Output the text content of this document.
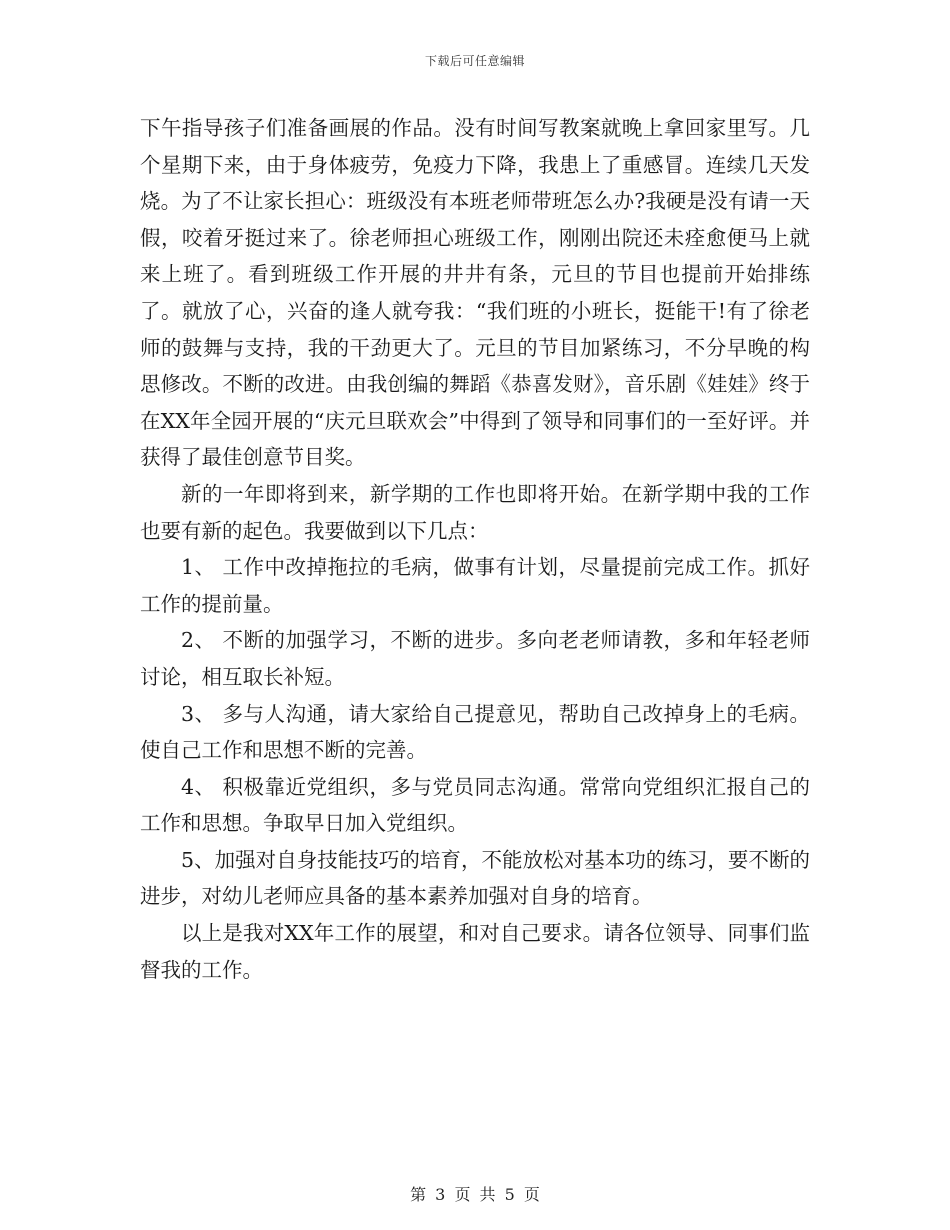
下载后可任意编辑

下午指导孩子们准备画展的作品。没有时间写教案就晚上拿回家里写。几个星期下来，由于身体疲劳，免疫力下降，我患上了重感冒。连续几天发烧。为了不让家长担心：班级没有本班老师带班怎么办?我硬是没有请一天假，咬着牙挺过来了。徐老师担心班级工作，刚刚出院还未痊愈便马上就来上班了。看到班级工作开展的井井有条，元旦的节目也提前开始排练了。就放了心，兴奋的逢人就夸我：“我们班的小班长，挺能干!有了徐老师的鼓舞与支持，我的干劲更大了。元旦的节目加紧练习，不分早晚的构思修改。不断的改进。由我创编的舞蹈《恭喜发财》，音乐剧《娃娃》终于在XX年全园开展的“庆元旦联欢会”中得到了领导和同事们的一至好评。并获得了最佳创意节目奖。

新的一年即将到来，新学期的工作也即将开始。在新学期中我的工作也要有新的起色。我要做到以下几点：

1、 工作中改掉拖拉的毛病，做事有计划，尽量提前完成工作。抓好工作的提前量。

2、 不断的加强学习，不断的进步。多向老老师请教，多和年轻老师讨论，相互取长补短。

3、 多与人沟通，请大家给自己提意见，帮助自己改掉身上的毛病。使自己工作和思想不断的完善。

4、 积极靠近党组织，多与党员同志沟通。常常向党组织汇报自己的工作和思想。争取早日加入党组织。

5、加强对自身技能技巧的培育，不能放松对基本功的练习，要不断的进步，对幼儿老师应具备的基本素养加强对自身的培育。

以上是我对XX年工作的展望，和对自己要求。请各位领导、同事们监督我的工作。

第 3 页 共 5 页
